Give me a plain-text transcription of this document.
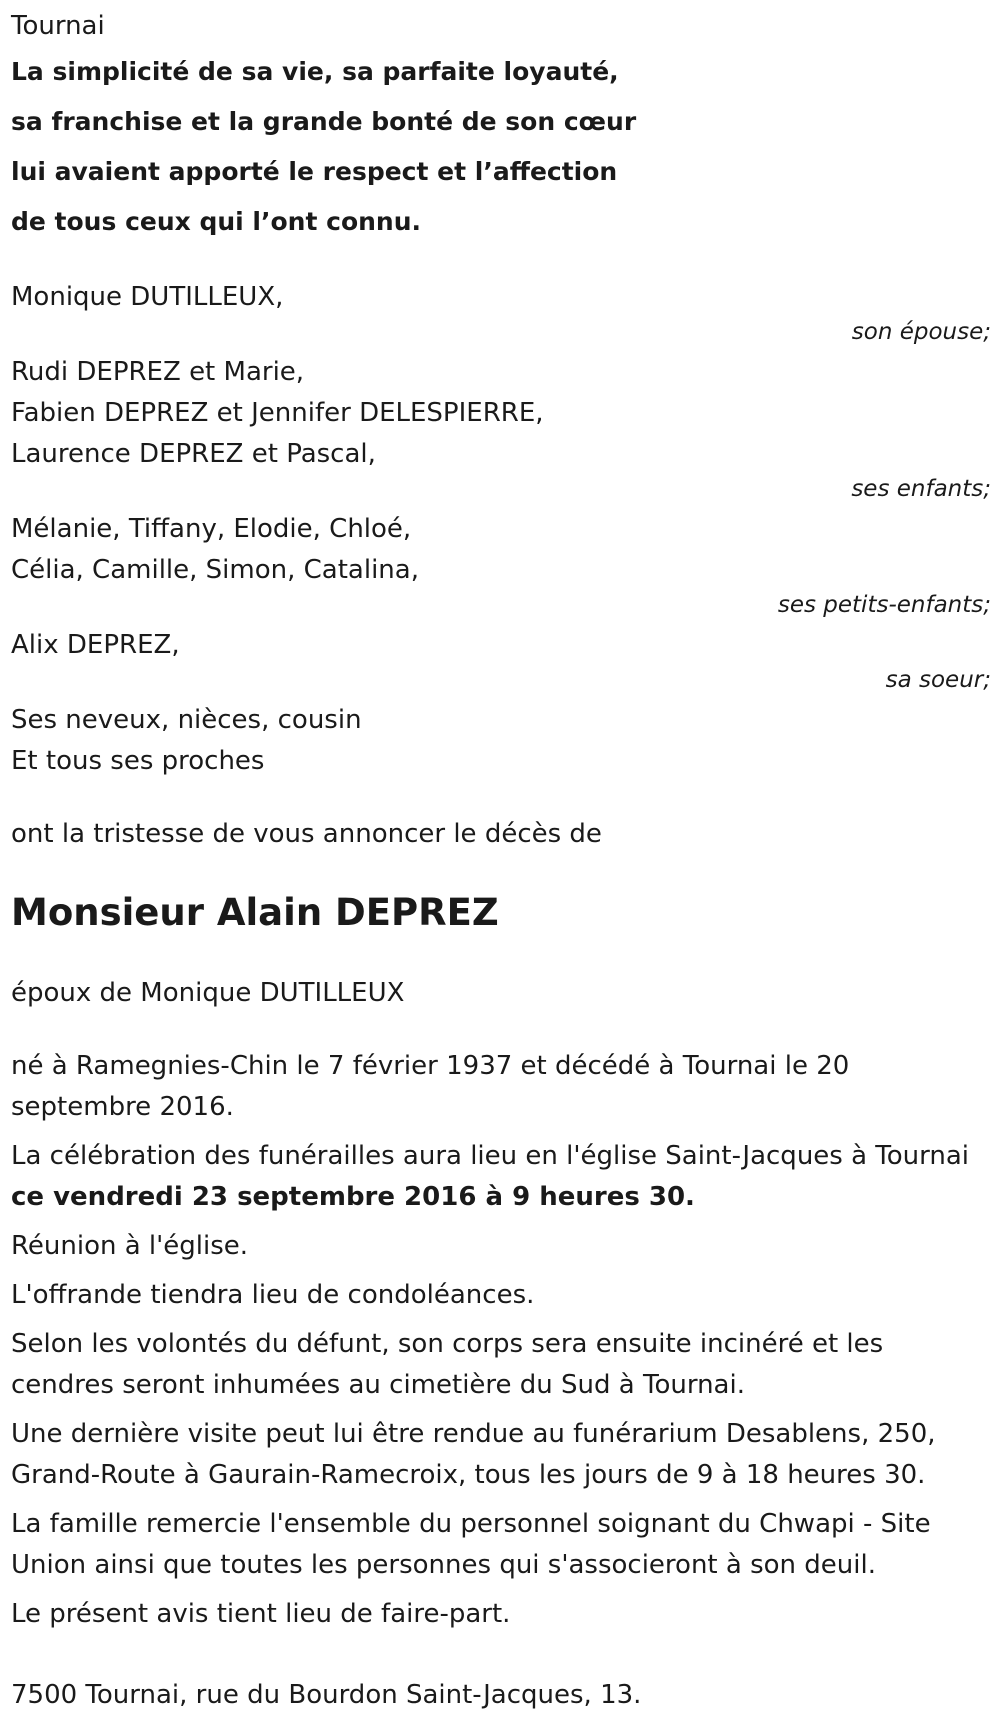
Tournai
La simplicité de sa vie, sa parfaite loyauté,
sa franchise et la grande bonté de son cœur
lui avaient apporté le respect et l’affection
de tous ceux qui l’ont connu.
Monique DUTILLEUX,
son épouse;
Rudi DEPREZ et Marie,
Fabien DEPREZ et Jennifer DELESPIERRE,
Laurence DEPREZ et Pascal,
ses enfants;
Mélanie, Tiffany, Elodie, Chloé,
Célia, Camille, Simon, Catalina,
ses petits-enfants;
Alix DEPREZ,
sa soeur;
Ses neveux, nièces, cousin
Et tous ses proches
ont la tristesse de vous annoncer le décès de
Monsieur Alain DEPREZ
époux de Monique DUTILLEUX
né à Ramegnies-Chin le 7 février 1937 et décédé à Tournai le 20 septembre 2016.
La célébration des funérailles aura lieu en l'église Saint-Jacques à Tournai
ce vendredi 23 septembre 2016 à 9 heures 30.
Réunion à l'église.
L'offrande tiendra lieu de condoléances.
Selon les volontés du défunt, son corps sera ensuite incinéré et les cendres seront inhumées au cimetière du Sud à Tournai.
Une dernière visite peut lui être rendue au funérarium Desablens, 250, Grand-Route à Gaurain-Ramecroix, tous les jours de 9 à 18 heures 30.
La famille remercie l'ensemble du personnel soignant du Chwapi - Site Union ainsi que toutes les personnes qui s'associeront à son deuil.
Le présent avis tient lieu de faire-part.
7500 Tournai, rue du Bourdon Saint-Jacques, 13.
